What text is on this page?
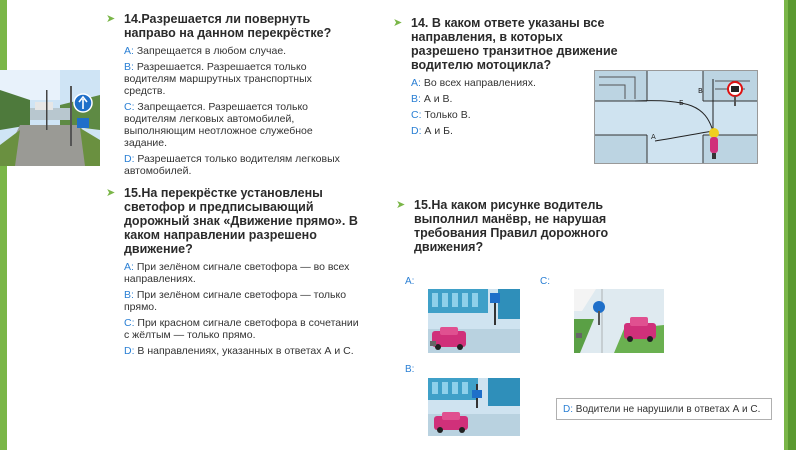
➤ 14.Разрешается ли повернуть направо на данном перекрёстке?
A: Запрещается в любом случае.
B: Разрешается. Разрешается только водителям маршрутных транспортных средств.
C: Запрещается. Разрешается только водителям легковых автомобилей, выполняющим неотложное служебное задание.
D: Разрешается только водителям легковых автомобилей.
➤ 15.На перекрёстке установлены светофор и предписывающий дорожный знак «Движение прямо». В каком направлении разрешено движение?
A: При зелёном сигнале светофора — во всех направлениях.
B: При зелёном сигнале светофора — только прямо.
C: При красном сигнале светофора в сочетании с жёлтым — только прямо.
D: В направлениях, указанных в ответах А и С.
➤ 14. В каком ответе указаны все направления, в которых разрешено транзитное движение водителю мотоцикла?
A: Во всех направлениях.
B: А и В.
C: Только В.
D: А и Б.
В
Б
А
➤ 15.На каком рисунке водитель выполнил манёвр, не нарушая требования Правил дорожного движения?
A:	C:
B:
D: Водители не нарушили в ответах А и С.
